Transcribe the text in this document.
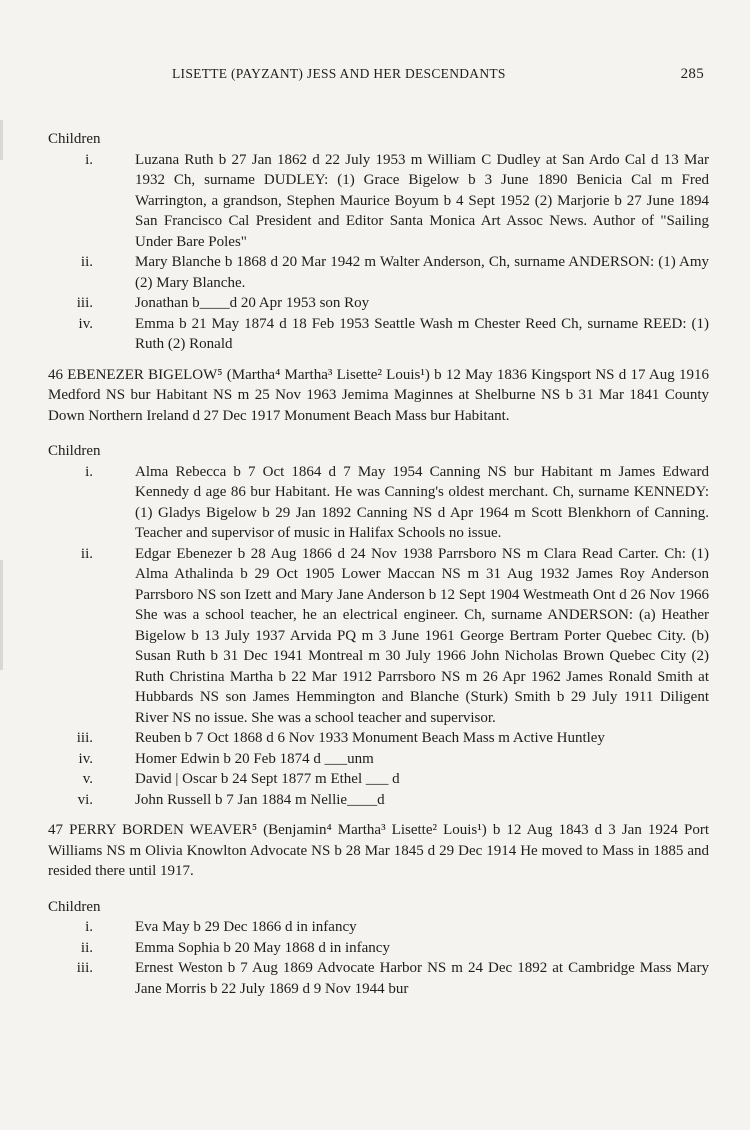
LISETTE (PAYZANT) JESS AND HER DESCENDANTS	285

Children

i.	Luzana Ruth b 27 Jan 1862 d 22 July 1953 m William C Dudley at San Ardo Cal d 13 Mar 1932 Ch, surname DUDLEY: (1) Grace Bigelow b 3 June 1890 Benicia Cal m Fred Warrington, a grandson, Stephen Maurice Boyum b 4 Sept 1952 (2) Marjorie b 27 June 1894 San Francisco Cal President and Editor Santa Monica Art Assoc News. Author of "Sailing Under Bare Poles"
ii.	Mary Blanche b 1868 d 20 Mar 1942 m Walter Anderson, Ch, surname ANDERSON: (1) Amy (2) Mary Blanche.
iii.	Jonathan b____d 20 Apr 1953 son Roy
iv.	Emma b 21 May 1874 d 18 Feb 1953 Seattle Wash m Chester Reed Ch, surname REED: (1) Ruth (2) Ronald

46 EBENEZER BIGELOW⁵ (Martha⁴ Martha³ Lisette² Louis¹) b 12 May 1836 Kingsport NS d 17 Aug 1916 Medford NS bur Habitant NS m 25 Nov 1963 Jemima Maginnes at Shelburne NS b 31 Mar 1841 County Down Northern Ireland d 27 Dec 1917 Monument Beach Mass bur Habitant.

Children

i.	Alma Rebecca b 7 Oct 1864 d 7 May 1954 Canning NS bur Habitant m James Edward Kennedy d age 86 bur Habitant. He was Canning's oldest merchant. Ch, surname KENNEDY: (1) Gladys Bigelow b 29 Jan 1892 Canning NS d Apr 1964 m Scott Blenkhorn of Canning. Teacher and supervisor of music in Halifax Schools no issue.
ii.	Edgar Ebenezer b 28 Aug 1866 d 24 Nov 1938 Parrsboro NS m Clara Read Carter. Ch: (1) Alma Athalinda b 29 Oct 1905 Lower Maccan NS m 31 Aug 1932 James Roy Anderson Parrsboro NS son Izett and Mary Jane Anderson b 12 Sept 1904 Westmeath Ont d 26 Nov 1966 She was a school teacher, he an electrical engineer. Ch, surname ANDERSON: (a) Heather Bigelow b 13 July 1937 Arvida PQ m 3 June 1961 George Bertram Porter Quebec City. (b) Susan Ruth b 31 Dec 1941 Montreal m 30 July 1966 John Nicholas Brown Quebec City (2) Ruth Christina Martha b 22 Mar 1912 Parrsboro NS m 26 Apr 1962 James Ronald Smith at Hubbards NS son James Hemmington and Blanche (Sturk) Smith b 29 July 1911 Diligent River NS no issue. She was a school teacher and supervisor.
iii.	Reuben b 7 Oct 1868 d 6 Nov 1933 Monument Beach Mass m Active Huntley
iv.	Homer Edwin b 20 Feb 1874 d ___unm
v.	David | Oscar b 24 Sept 1877 m Ethel ___ d
vi.	John Russell b 7 Jan 1884 m Nellie____d

47 PERRY BORDEN WEAVER⁵ (Benjamin⁴ Martha³ Lisette² Louis¹) b 12 Aug 1843 d 3 Jan 1924 Port Williams NS m Olivia Knowlton Advocate NS b 28 Mar 1845 d 29 Dec 1914 He moved to Mass in 1885 and resided there until 1917.

Children

i.	Eva May b 29 Dec 1866 d in infancy
ii.	Emma Sophia b 20 May 1868 d in infancy
iii.	Ernest Weston b 7 Aug 1869 Advocate Harbor NS m 24 Dec 1892 at Cambridge Mass Mary Jane Morris b 22 July 1869 d 9 Nov 1944 bur
